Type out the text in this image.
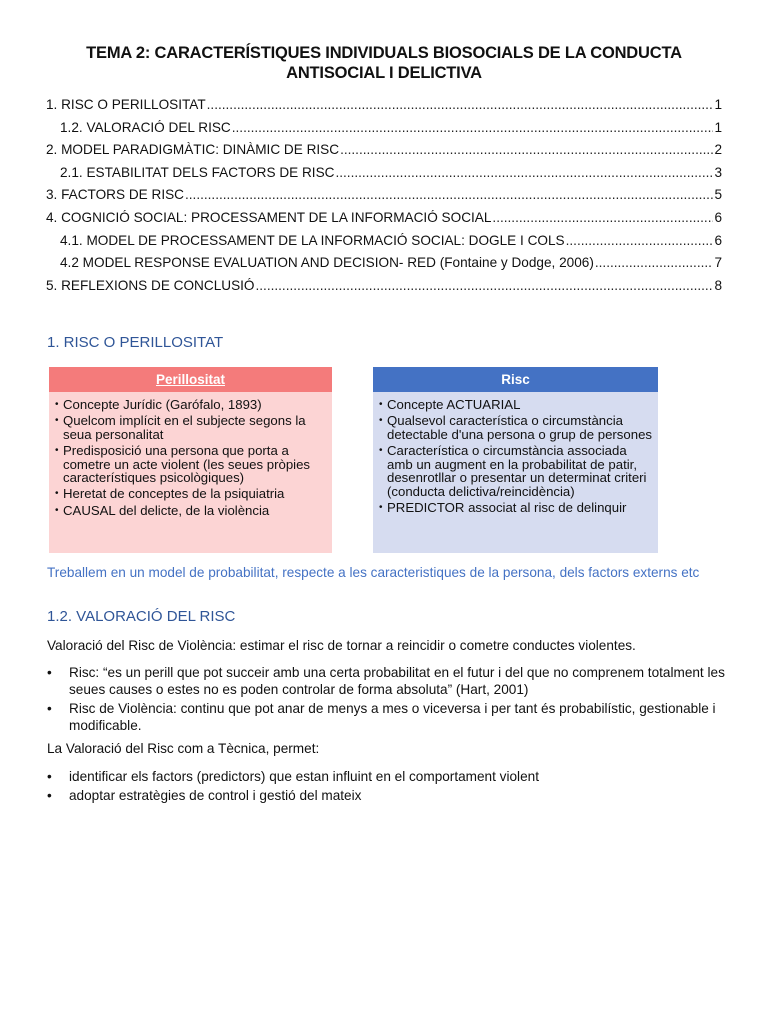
TEMA 2: CARACTERÍSTIQUES INDIVIDUALS BIOSOCIALS DE LA CONDUCTA
ANTISOCIAL I DELICTIVA
1. RISC O PERILLOSITAT .....	1
1.2. VALORACIÓ DEL RISC .....	1
2. MODEL PARADIGMÀTIC: DINÀMIC DE RISC .....	2
2.1. ESTABILITAT DELS FACTORS DE RISC .....	3
3. FACTORS DE RISC .....	5
4. COGNICIÓ SOCIAL: PROCESSAMENT DE LA INFORMACIÓ SOCIAL .....	6
4.1. MODEL DE PROCESSAMENT DE LA INFORMACIÓ SOCIAL: DOGLE I COLS .....	6
4.2 MODEL RESPONSE EVALUATION AND DECISION- RED (Fontaine y Dodge, 2006) .....	7
5. REFLEXIONS DE CONCLUSIÓ .....	8
1. RISC O PERILLOSITAT
Perillositat
• Concepte Jurídic (Garófalo, 1893)
• Quelcom implícit en el subjecte segons la seua personalitat
• Predisposició una persona que porta a cometre un acte violent (les seues pròpies característiques psicològiques)
• Heretat de conceptes de la psiquiatria
• CAUSAL del delicte, de la violència
Risc
• Concepte ACTUARIAL
• Qualsevol característica o circumstància detectable d'una persona o grup de persones
• Característica o circumstància associada amb un augment en la probabilitat de patir, desenrotllar o presentar un determinat criteri (conducta delictiva/reincidència)
• PREDICTOR associat al risc de delinquir
Treballem en un model de probabilitat, respecte a les caracteristiques de la persona, dels factors externs etc
1.2. VALORACIÓ DEL RISC
Valoració del Risc de Violència: estimar el risc de tornar a reincidir o cometre conductes violentes.
•	Risc: “es un perill que pot succeir amb una certa probabilitat en el futur i del que no comprenem totalment les seues causes o estes no es poden controlar de forma absoluta” (Hart, 2001)
•	Risc de Violència: continu que pot anar de menys a mes o viceversa i per tant és probabilístic, gestionable i modificable.
La Valoració del Risc com a Tècnica, permet:
•	identificar els factors (predictors) que estan influint en el comportament violent
•	adoptar estratègies de control i gestió del mateix
